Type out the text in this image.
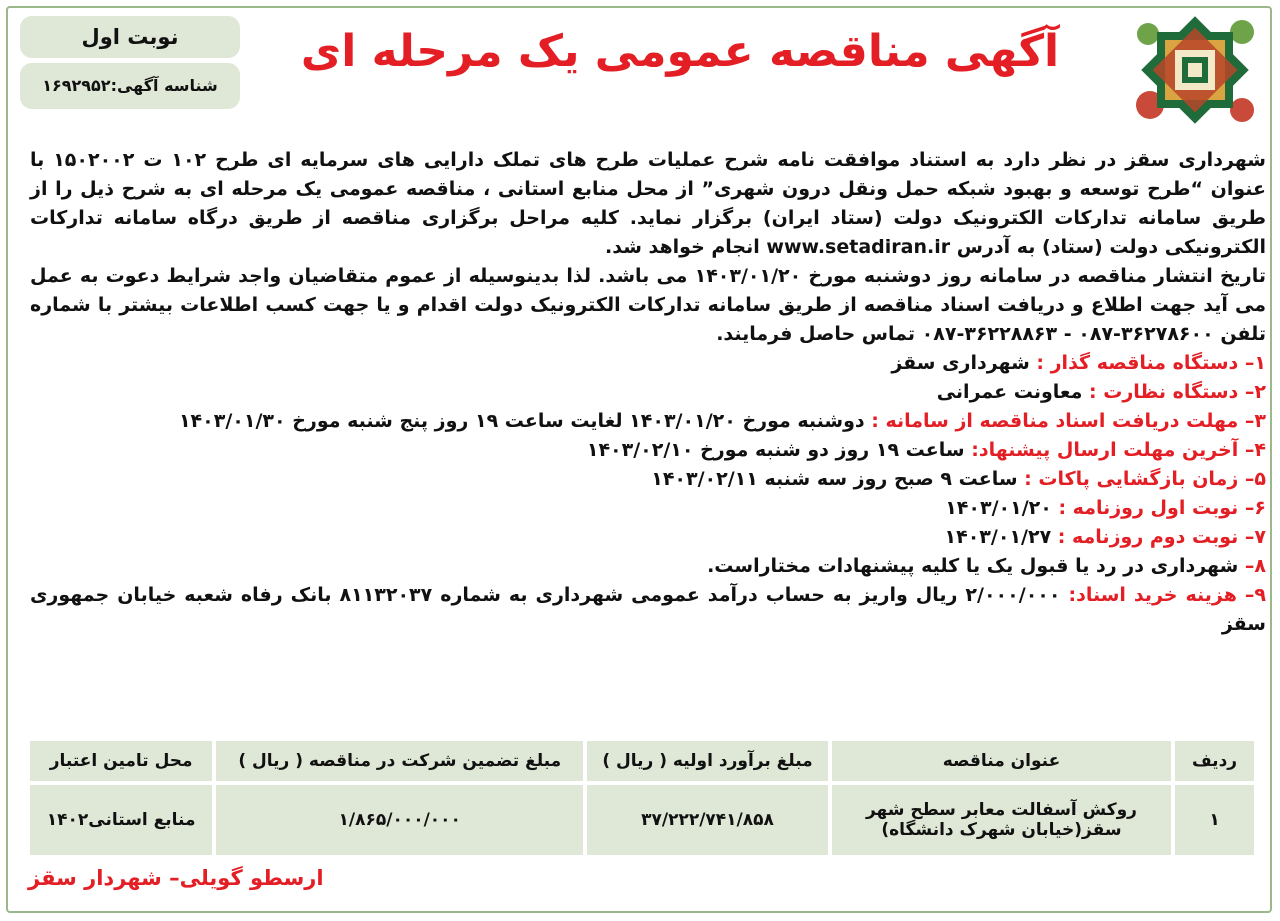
نوبت اول
شناسه آگهی:۱۶۹۲۹۵۲
آگهی مناقصه عمومی یک مرحله ای

شهرداری سقز در نظر دارد به استناد موافقت نامه شرح عملیات طرح های تملک دارایی های سرمایه ای طرح ۱۰۲ ت ۱۵۰۲۰۰۲ با عنوان “طرح توسعه و بهبود شبکه حمل ونقل درون شهری” از محل منابع استانی ، مناقصه عمومی یک مرحله ای به شرح ذیل را از طریق سامانه تدارکات الکترونیک دولت (ستاد ایران) برگزار نماید. کلیه مراحل برگزاری مناقصه از طریق درگاه سامانه تدارکات الکترونیکی دولت (ستاد) به آدرس www.setadiran.ir انجام خواهد شد.

تاریخ انتشار مناقصه در سامانه روز دوشنبه مورخ ۱۴۰۳/۰۱/۲۰ می باشد. لذا بدینوسیله از عموم متقاضیان واجد شرایط دعوت به عمل می آید جهت اطلاع و دریافت اسناد مناقصه از طریق سامانه تدارکات الکترونیک دولت اقدام و یا جهت کسب اطلاعات بیشتر با شماره تلفن ۳۶۲۷۸۶۰۰-۰۸۷ - ۳۶۲۲۸۸۶۳-۰۸۷ تماس حاصل فرمایند.

۱– دستگاه مناقصه گذار : شهرداری سقز
۲– دستگاه نظارت : معاونت عمرانی
۳– مهلت دریافت اسناد مناقصه از سامانه : دوشنبه مورخ ۱۴۰۳/۰۱/۲۰ لغایت ساعت ۱۹ روز پنج شنبه مورخ ۱۴۰۳/۰۱/۳۰
۴– آخرین مهلت ارسال پیشنهاد: ساعت ۱۹ روز دو شنبه مورخ ۱۴۰۳/۰۲/۱۰
۵– زمان بازگشایی پاکات : ساعت ۹ صبح روز سه شنبه ۱۴۰۳/۰۲/۱۱
۶– نوبت اول روزنامه : ۱۴۰۳/۰۱/۲۰
۷– نوبت دوم روزنامه : ۱۴۰۳/۰۱/۲۷
۸– شهرداری در رد یا قبول یک یا کلیه پیشنهادات مختاراست.
۹– هزینه خرید اسناد: ۲/۰۰۰/۰۰۰ ریال واریز به حساب درآمد عمومی شهرداری به شماره ۸۱۱۳۲۰۳۷ بانک رفاه شعبه خیابان جمهوری سقز
ردیف	عنوان مناقصه	مبلغ برآورد اولیه ( ریال )	مبلغ تضمین شرکت در مناقصه ( ریال )	محل تامین اعتبار
۱	روکش آسفالت معابر سطح شهر سقز(خیابان شهرک دانشگاه)	۳۷/۲۲۲/۷۴۱/۸۵۸	۱/۸۶۵/۰۰۰/۰۰۰	منابع استانی۱۴۰۲
ارسطو گویلی– شهردار سقز
